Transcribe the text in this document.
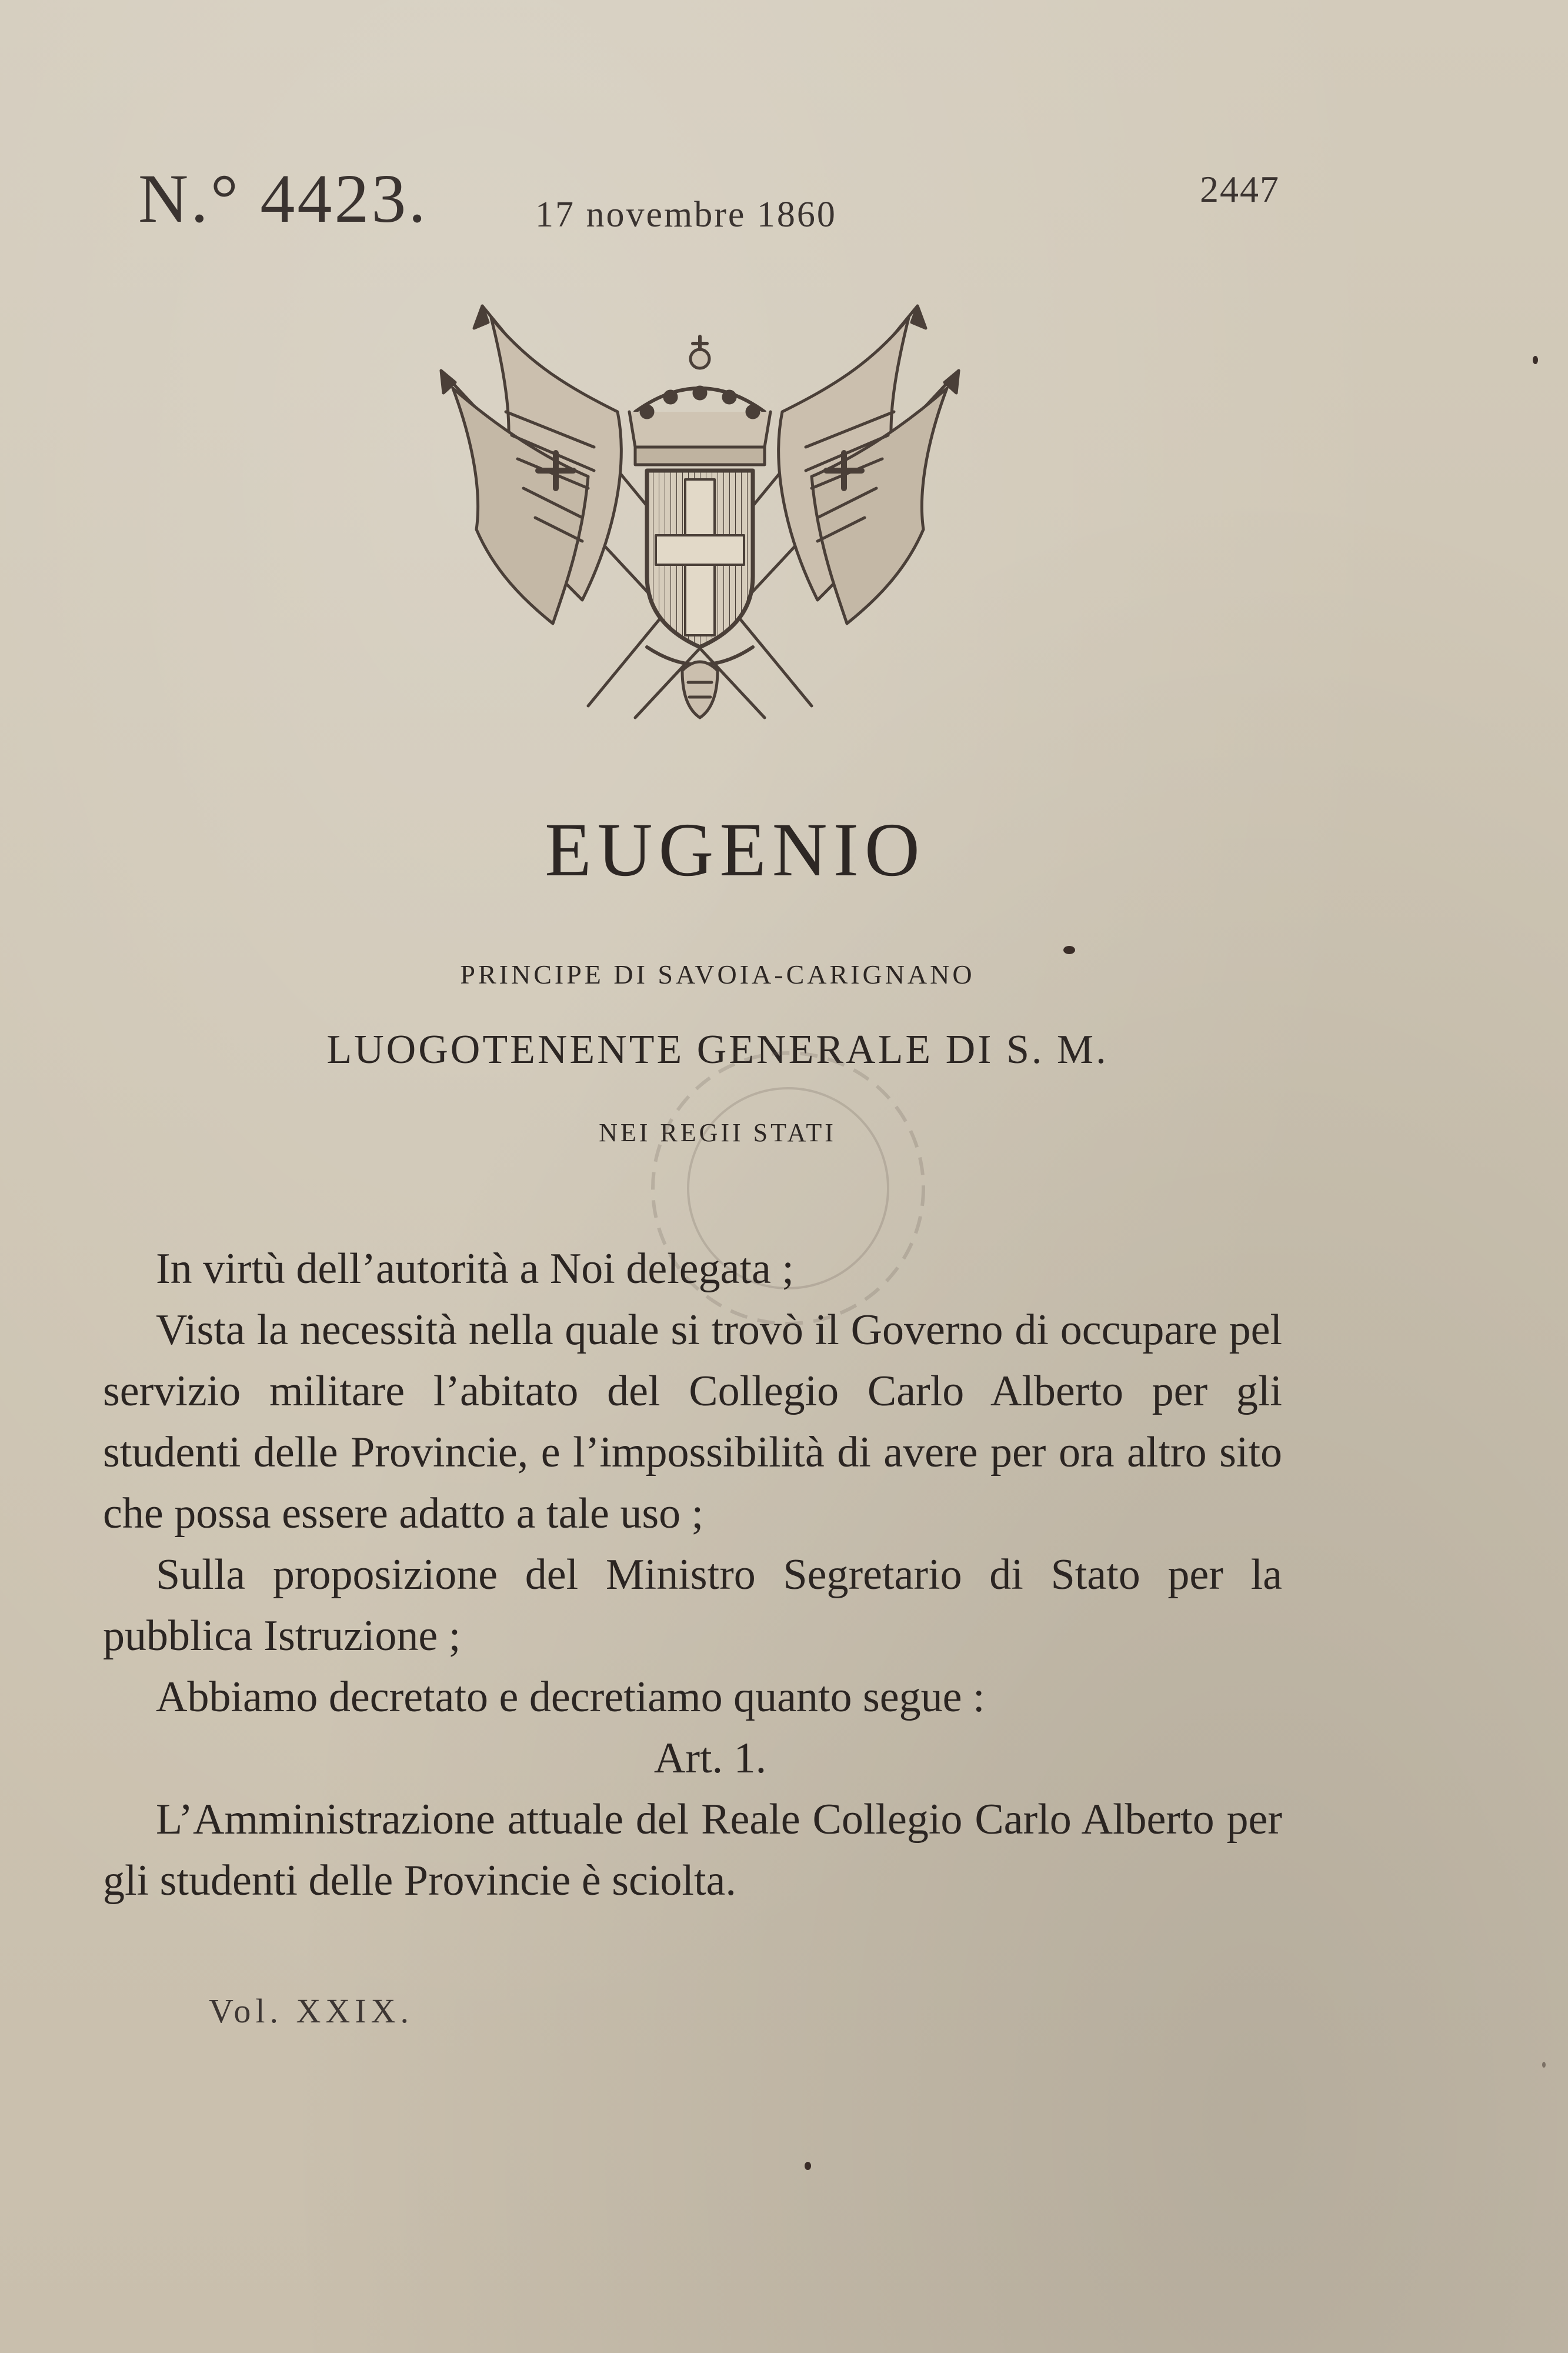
N.° 4423.	17 novembre 1860
2447
EUGENIO
PRINCIPE DI SAVOIA-CARIGNANO
LUOGOTENENTE GENERALE DI S. M.
NEI REGII STATI

In virtù dell’autorità a Noi delegata ;

Vista la necessità nella quale si trovò il Governo di occupare pel servizio militare l’abitato del Collegio Carlo Alberto per gli studenti delle Provincie, e l’impossibilità di avere per ora altro sito che possa essere adatto a tale uso ;

Sulla proposizione del Ministro Segretario di Stato per la pubblica Istruzione ;

Abbiamo decretato e decretiamo quanto segue :

Art. 1.

L’Amministrazione attuale del Reale Collegio Carlo Alberto per gli studenti delle Provincie è sciolta.

Vol. XXIX.
